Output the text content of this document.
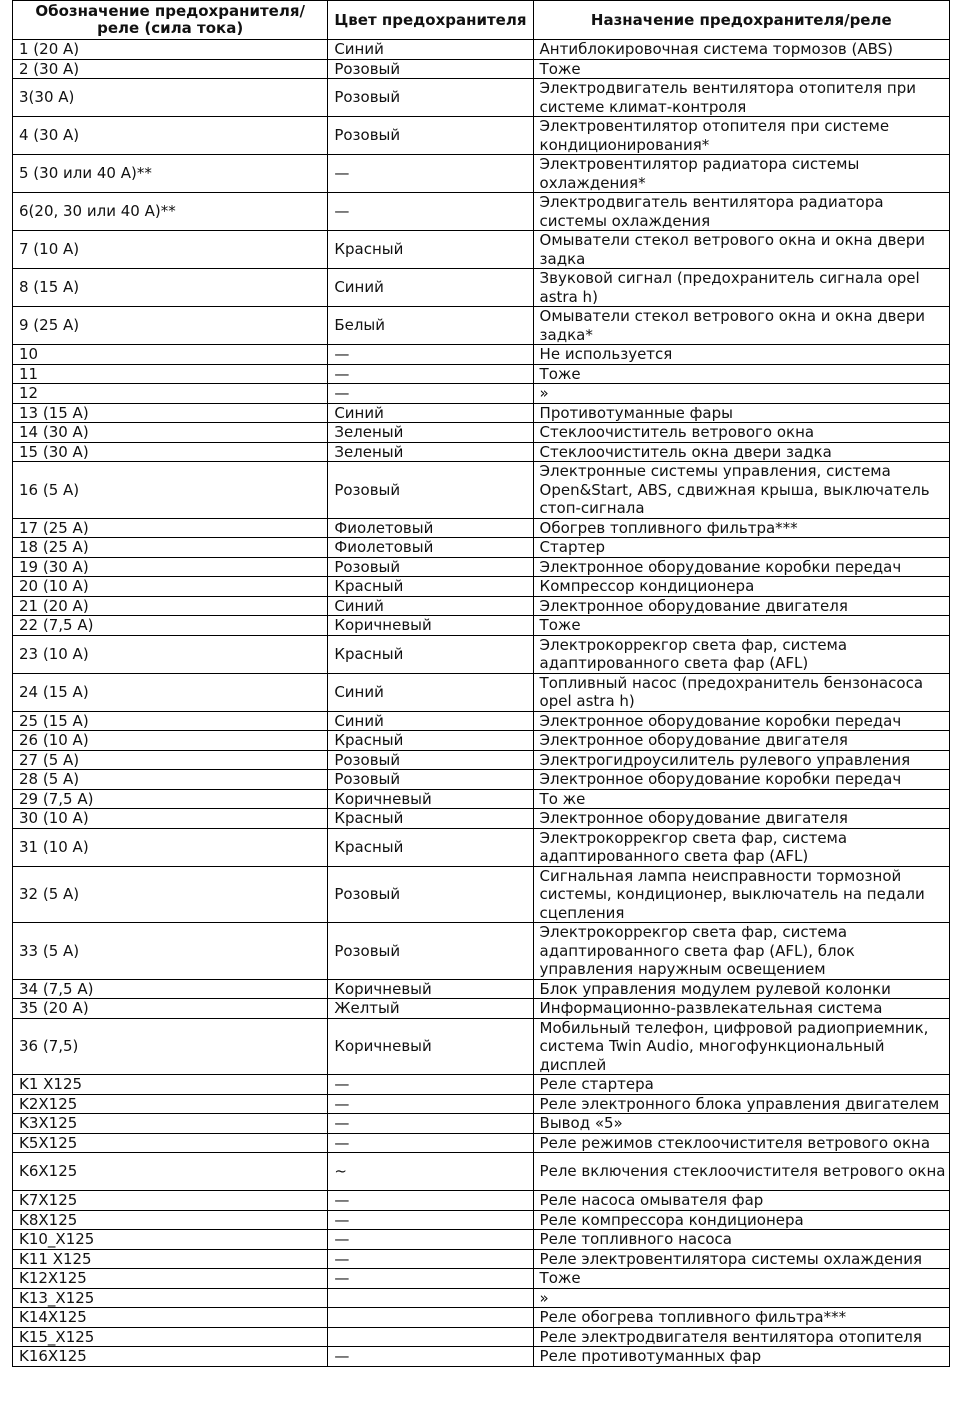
Обозначение предохранителя/реле (сила тока)	Цвет предохранителя	Назначение предохранителя/реле
1 (20 А)	Синий	Антиблокировочная система тормозов (ABS)
2 (30 А)	Розовый	Тоже
3(30 А)	Розовый	Электродвигатель вентилятора отопителя при системе климат-контроля
4 (30 А)	Розовый	Электровентилятор отопителя при системе кондиционирования*
5 (30 или 40 А)**	—	Электровентилятор радиатора системы охлаждения*
6(20, 30 или 40 А)**	—	Электродвигатель вентилятора радиатора системы охлаждения
7 (10 А)	Красный	Омыватели стекол ветрового окна и окна двери задка
8 (15 А)	Синий	Звуковой сигнал (предохранитель сигнала opel astra h)
9 (25 А)	Белый	Омыватели стекол ветрового окна и окна двери задка*
10	—	Не используется
11	—	Тоже
12	—	»
13 (15 А)	Синий	Противотуманные фары
14 (30 А)	Зеленый	Стеклоочиститель ветрового окна
15 (30 А)	Зеленый	Стеклоочиститель окна двери задка
16 (5 А)	Розовый	Электронные системы управления, система Open&Start, ABS, сдвижная крыша, выключатель стоп-сигнала
17 (25 А)	Фиолетовый	Обогрев топливного фильтра***
18 (25 А)	Фиолетовый	Стартер
19 (30 А)	Розовый	Электронное оборудование коробки передач
20 (10 А)	Красный	Компрессор кондиционера
21 (20 А)	Синий	Электронное оборудование двигателя
22 (7,5 А)	Коричневый	Тоже
23 (10 А)	Красный	Электрокоррекгор света фар, система адаптированного света фар (AFL)
24 (15 А)	Синий	Топливный насос (предохранитель бензонасоса opel astra h)
25 (15 А)	Синий	Электронное оборудование коробки передач
26 (10 А)	Красный	Электронное оборудование двигателя
27 (5 А)	Розовый	Электрогидроусилитель рулевого управления
28 (5 А)	Розовый	Электронное оборудование коробки передач
29 (7,5 А)	Коричневый	То же
30 (10 А)	Красный	Электронное оборудование двигателя
31 (10 А)	Красный	Электрокоррекгор света фар, система адаптированного света фар (AFL)
32 (5 А)	Розовый	Сигнальная лампа неисправности тормозной системы, кондиционер, выключатель на педали сцепления
33 (5 А)	Розовый	Электрокоррекгор света фар, система адаптированного света фар (AFL), блок управления наружным освещением
34 (7,5 А)	Коричневый	Блок управления модулем рулевой колонки
35 (20 А)	Желтый	Информационно-развлекательная система
36 (7,5)	Коричневый	Мобильный телефон, цифровой радиоприемник, система Twin Audio, многофункциональный дисплей
K1 X125	—	Реле стартера
K2X125	—	Реле электронного блока управления двигателем
K3X125	—	Вывод «5»
K5X125	—	Реле режимов стеклоочистителя ветрового окна
K6X125	~	Реле включения стеклоочистителя ветрового окна
K7X125	—	Реле насоса омывателя фар
K8X125	—	Реле компрессора кондиционера
K10_X125	—	Реле топливного насоса
K11 X125	—	Реле электровентилятора системы охлаждения
K12X125	—	Тоже
K13_X125		»
K14X125		Реле обогрева топливного фильтра***
K15_X125		Реле электродвигателя вентилятора отопителя
K16X125	—	Реле противотуманных фар
